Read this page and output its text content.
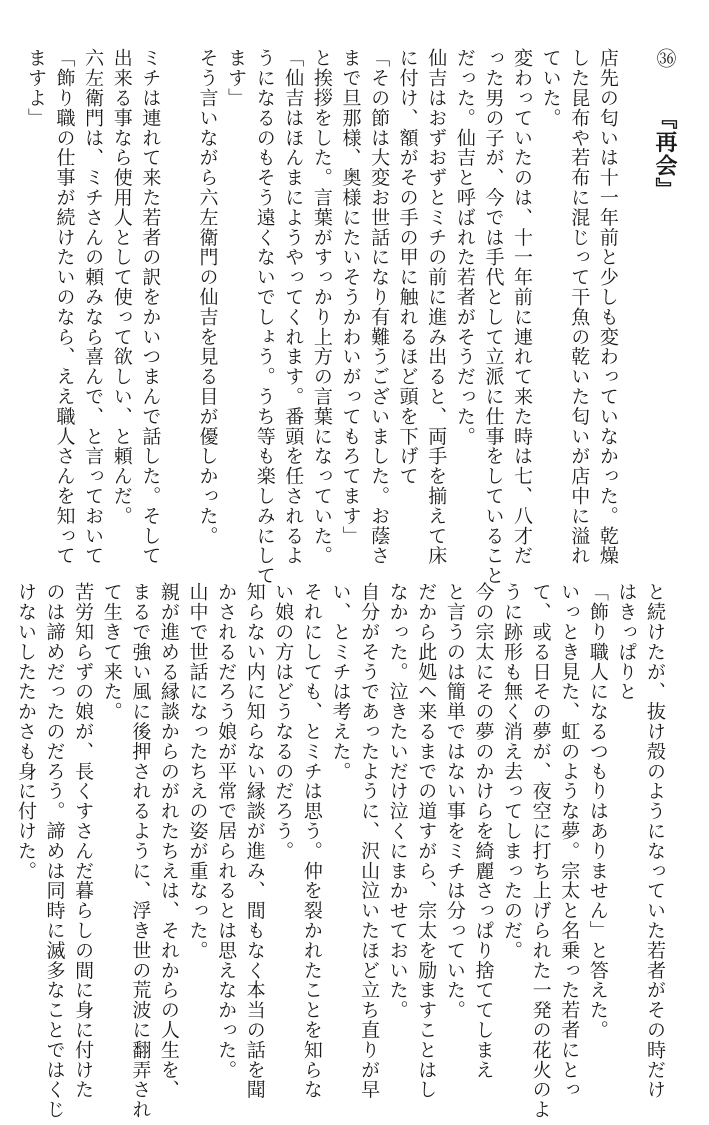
㊱『再会』
店先の匂いは十一年前と少しも変わっていなかった。乾燥
した昆布や若布に混じって干魚の乾いた匂いが店中に溢れ
ていた。
変わっていたのは、十一年前に連れて来た時は七、八才だ
った男の子が、今では手代として立派に仕事をしていること
だった。仙吉と呼ばれた若者がそうだった。
仙吉はおずおずとミチの前に進み出ると、両手を揃えて床
に付け、額がその手の甲に触れるほど頭を下げて
「その節は大変お世話になり有難うございました。お蔭さ
まで旦那様、奥様にたいそうかわいがってもろてます」
と挨拶をした。言葉がすっかり上方の言葉になっていた。
「仙吉はほんまにようやってくれます。番頭を任されるよ
うになるのもそう遠くないでしょう。うち等も楽しみにして
ます」
そう言いながら六左衛門の仙吉を見る目が優しかった。
ミチは連れて来た若者の訳をかいつまんで話した。そして
出来る事なら使用人として使って欲しい、と頼んだ。
六左衛門は、ミチさんの頼みなら喜んで、と言っておいて
「飾り職の仕事が続けたいのなら、ええ職人さんを知って
ますよ」
と続けたが、抜け殻のようになっていた若者がその時だけ
はきっぱりと
「飾り職人になるつもりはありません」と答えた。
いっとき見た、虹のような夢。宗太と名乗った若者にとっ
て、或る日その夢が、夜空に打ち上げられた一発の花火のよ
うに跡形も無く消え去ってしまったのだ。
今の宗太にその夢のかけらを綺麗さっぱり捨ててしまえ
と言うのは簡単ではない事をミチは分っていた。
だから此処へ来るまでの道すがら、宗太を励ますことはし
なかった。泣きたいだけ泣くにまかせておいた。
自分がそうであったように、沢山泣いたほど立ち直りが早
い、とミチは考えた。
それにしても、とミチは思う。仲を裂かれたことを知らな
い娘の方はどうなるのだろう。
知らない内に知らない縁談が進み、間もなく本当の話を聞
かされるだろう娘が平常で居られるとは思えなかった。
山中で世話になったちえの姿が重なった。
親が進める縁談からのがれたちえは、それからの人生を、
まるで強い風に後押されるように、浮き世の荒波に翻弄され
て生きて来た。
苦労知らずの娘が、長くすさんだ暮らしの間に身に付けた
のは諦めだったのだろう。諦めは同時に滅多なことではくじ
けないしたたかさも身に付けた。
